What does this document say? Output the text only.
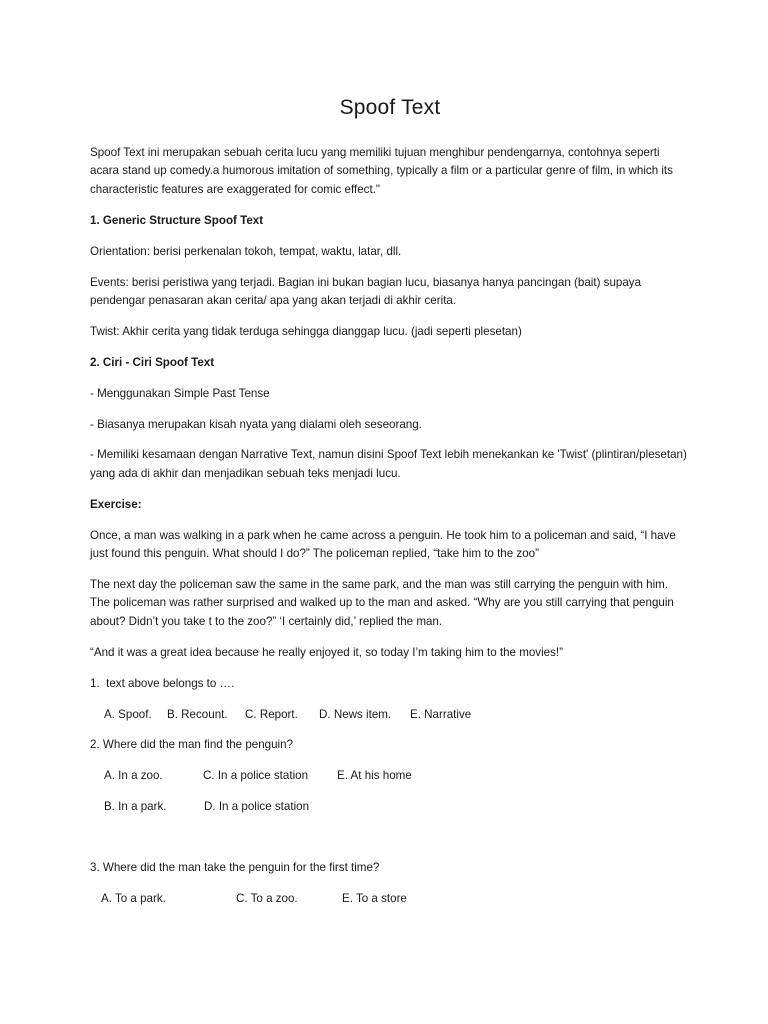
Spoof Text

Spoof Text ini merupakan sebuah cerita lucu yang memiliki tujuan menghibur pendengarnya, contohnya seperti acara stand up comedy.a humorous imitation of something, typically a film or a particular genre of film, in which its characteristic features are exaggerated for comic effect."

1. Generic Structure Spoof Text

Orientation: berisi perkenalan tokoh, tempat, waktu, latar, dll.

Events: berisi peristiwa yang terjadi. Bagian ini bukan bagian lucu, biasanya hanya pancingan (bait) supaya pendengar penasaran akan cerita/ apa yang akan terjadi di akhir cerita.

Twist: Akhir cerita yang tidak terduga sehingga dianggap lucu. (jadi seperti plesetan)

2. Ciri - Ciri Spoof Text

- Menggunakan Simple Past Tense

- Biasanya merupakan kisah nyata yang dialami oleh seseorang.

- Memiliki kesamaan dengan Narrative Text, namun disini Spoof Text lebih menekankan ke 'Twist' (plintiran/plesetan) yang ada di akhir dan menjadikan sebuah teks menjadi lucu.

Exercise:

Once, a man was walking in a park when he came across a penguin. He took him to a policeman and said, “I have just found this penguin. What should I do?” The policeman replied, “take him to the zoo”

The next day the policeman saw the same in the same park, and the man was still carrying the penguin with him. The policeman was rather surprised and walked up to the man and asked. “Why are you still carrying that penguin about? Didn’t you take t to the zoo?” ‘I certainly did,’ replied the man.

“And it was a great idea because he really enjoyed it, so today I’m taking him to the movies!”

1.  text above belongs to ….

A. Spoof. B. Recount. C. Report. D. News item. E. Narrative

2. Where did the man find the penguin?

A. In a zoo.	C. In a police station E. At his home
B. In a park.	D. In a police station

3. Where did the man take the penguin for the first time?

A. To a park.	C. To a zoo.	E. To a store
